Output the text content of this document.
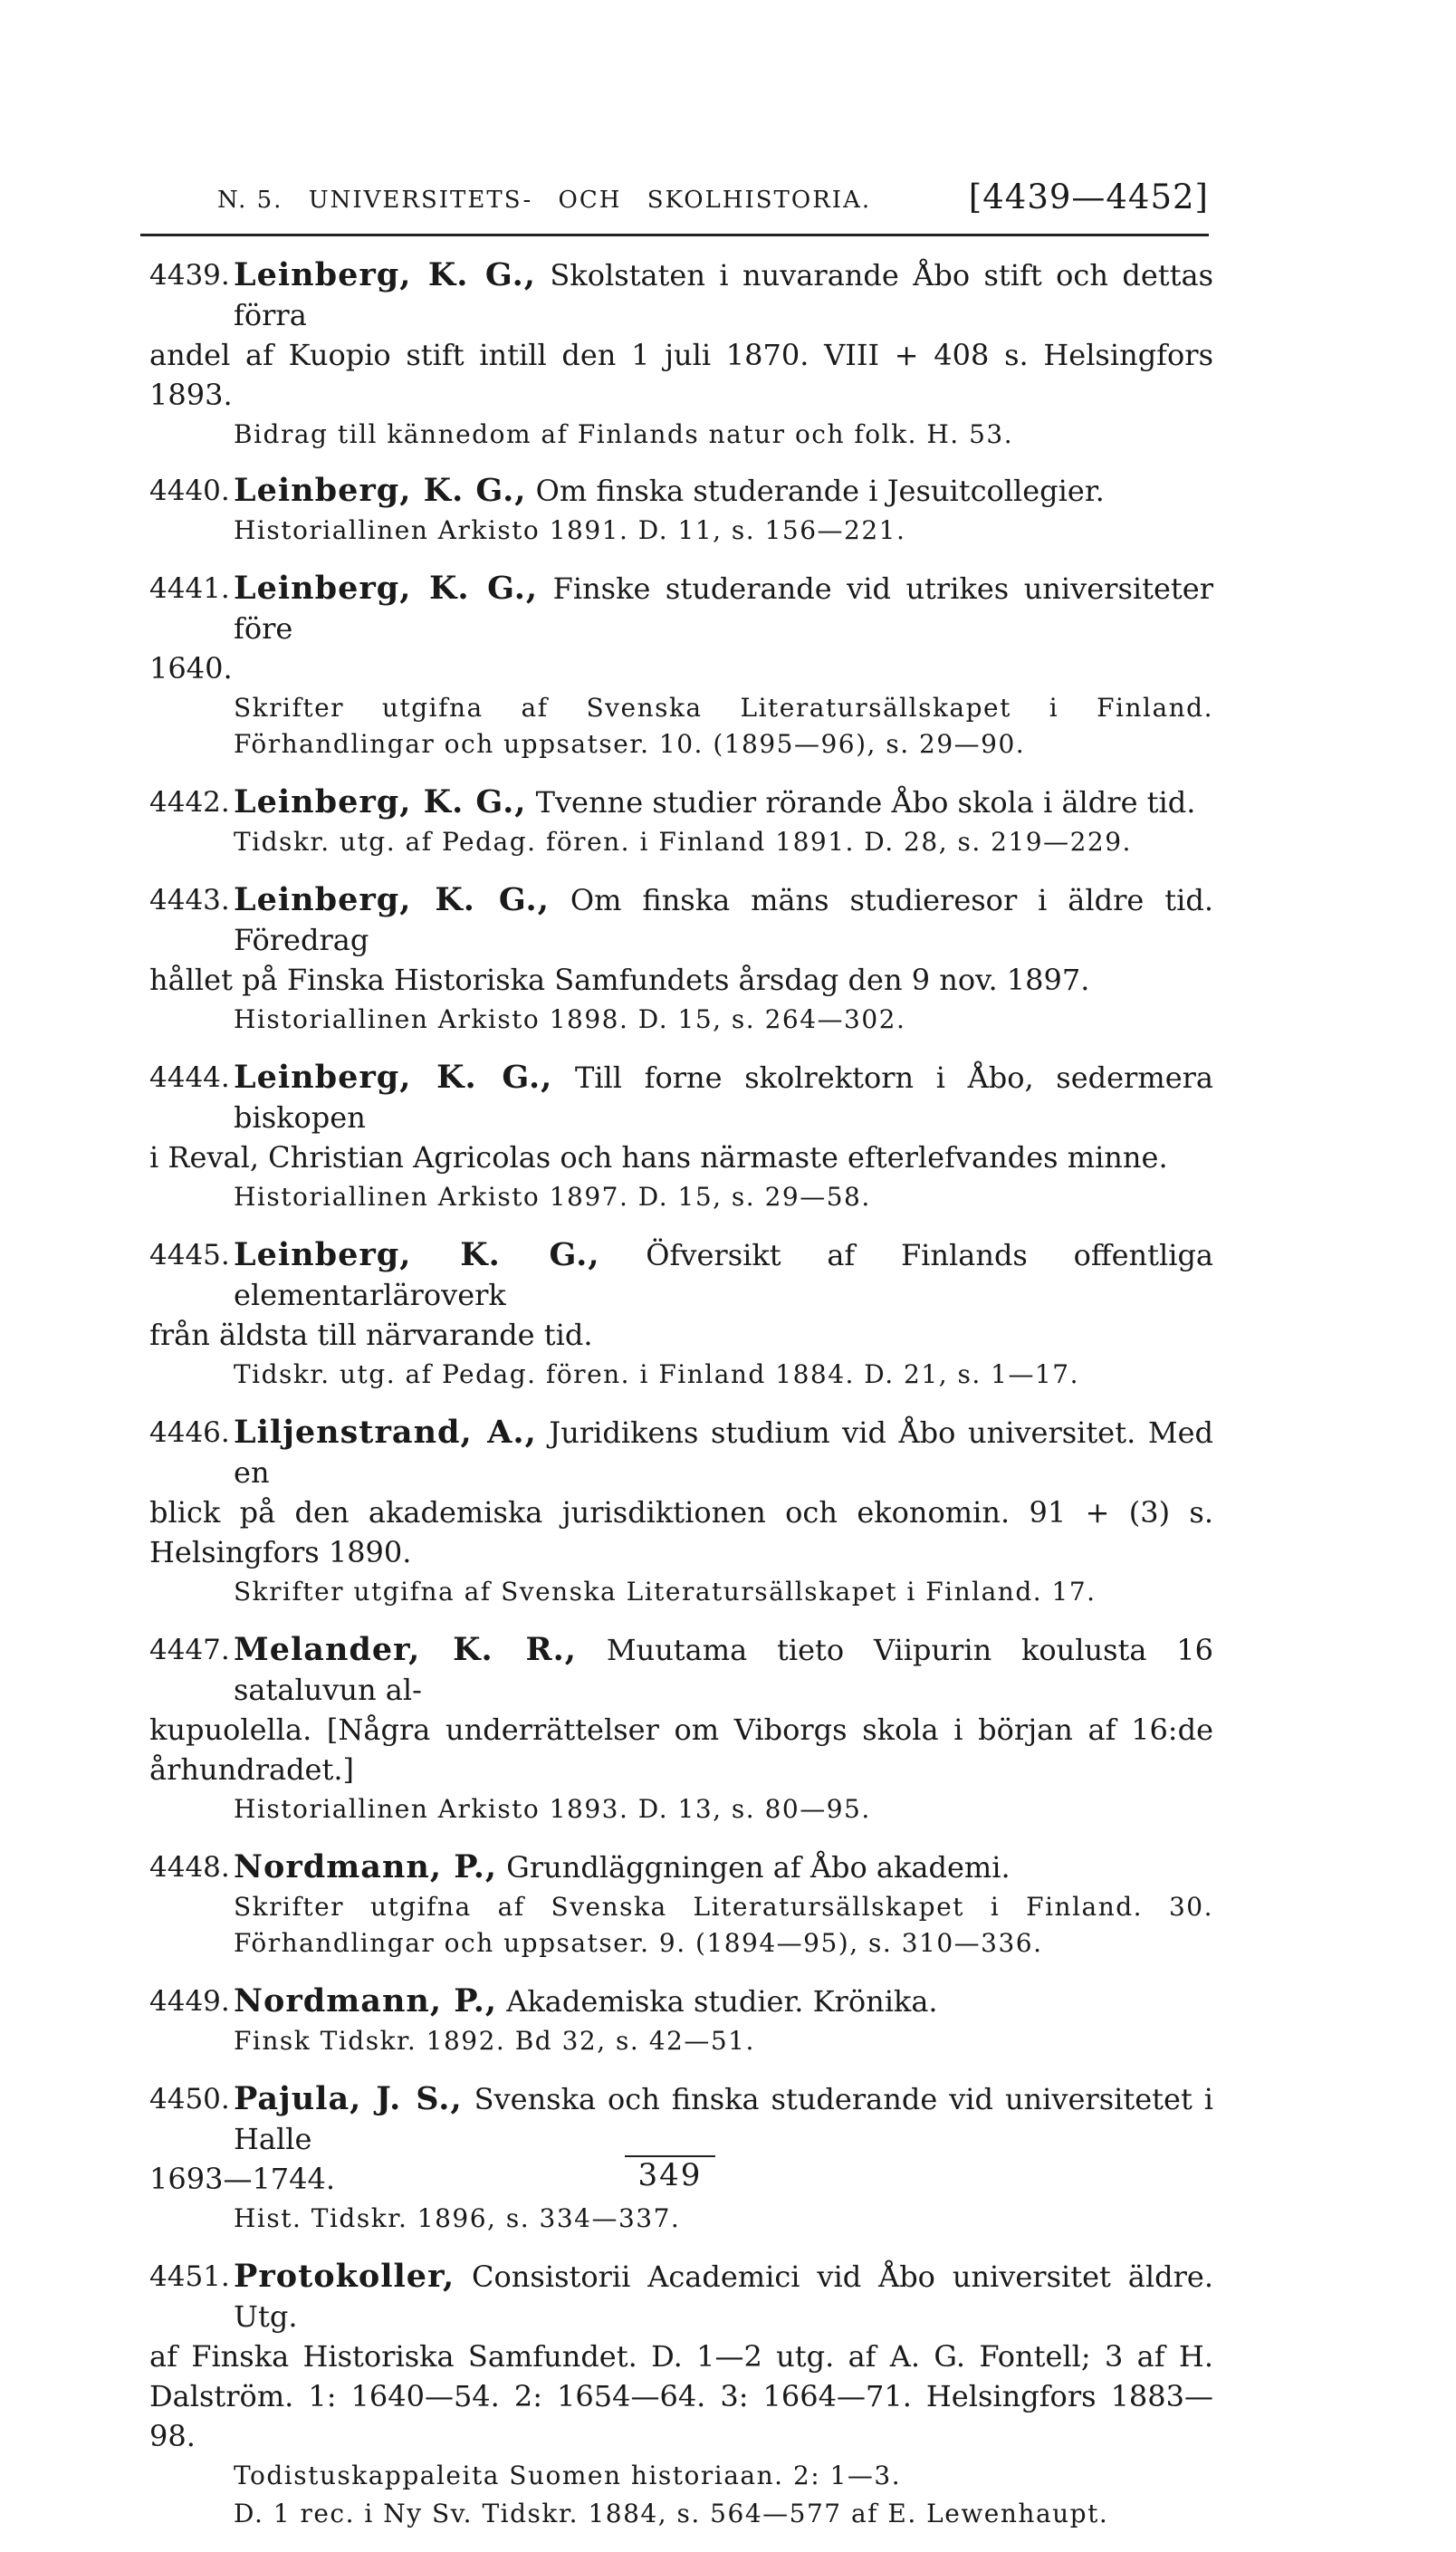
N. 5. UNIVERSITETS- OCH SKOLHISTORIA.	[4439—4452]
4439. Leinberg, K. G., Skolstaten i nuvarande Åbo stift och dettas förra
andel af Kuopio stift intill den 1 juli 1870. VIII + 408 s. Helsingfors 1893.
Bidrag till kännedom af Finlands natur och folk. H. 53.
4440. Leinberg, K. G., Om finska studerande i Jesuitcollegier.
Historiallinen Arkisto 1891. D. 11, s. 156—221.
4441. Leinberg, K. G., Finske studerande vid utrikes universiteter före
1640.
Skrifter utgifna af Svenska Literatursällskapet i Finland. Förhandlingar och uppsatser. 10. (1895—96), s. 29—90.
4442. Leinberg, K. G., Tvenne studier rörande Åbo skola i äldre tid.
Tidskr. utg. af Pedag. fören. i Finland 1891. D. 28, s. 219—229.
4443. Leinberg, K. G., Om finska mäns studieresor i äldre tid. Föredrag
hållet på Finska Historiska Samfundets årsdag den 9 nov. 1897.
Historiallinen Arkisto 1898. D. 15, s. 264—302.
4444. Leinberg, K. G., Till forne skolrektorn i Åbo, sedermera biskopen
i Reval, Christian Agricolas och hans närmaste efterlefvandes minne.
Historiallinen Arkisto 1897. D. 15, s. 29—58.
4445. Leinberg, K. G., Öfversikt af Finlands offentliga elementarläroverk
från äldsta till närvarande tid.
Tidskr. utg. af Pedag. fören. i Finland 1884. D. 21, s. 1—17.
4446. Liljenstrand, A., Juridikens studium vid Åbo universitet. Med en
blick på den akademiska jurisdiktionen och ekonomin. 91 + (3) s. Helsingfors 1890.
Skrifter utgifna af Svenska Literatursällskapet i Finland. 17.
4447. Melander, K. R., Muutama tieto Viipurin koulusta 16 sataluvun al-
kupuolella. [Några underrättelser om Viborgs skola i början af 16:de århundradet.]
Historiallinen Arkisto 1893. D. 13, s. 80—95.
4448. Nordmann, P., Grundläggningen af Åbo akademi.
Skrifter utgifna af Svenska Literatursällskapet i Finland. 30. Förhandlingar och uppsatser. 9. (1894—95), s. 310—336.
4449. Nordmann, P., Akademiska studier. Krönika.
Finsk Tidskr. 1892. Bd 32, s. 42—51.
4450. Pajula, J. S., Svenska och finska studerande vid universitetet i Halle
1693—1744.
Hist. Tidskr. 1896, s. 334—337.
4451. Protokoller, Consistorii Academici vid Åbo universitet äldre. Utg.
af Finska Historiska Samfundet. D. 1—2 utg. af A. G. Fontell; 3 af H. Dalström. 1: 1640—54. 2: 1654—64. 3: 1664—71. Helsingfors 1883—98.
Todistuskappaleita Suomen historiaan. 2: 1—3.
D. 1 rec. i Ny Sv. Tidskr. 1884, s. 564—577 af E. Lewenhaupt.
349
